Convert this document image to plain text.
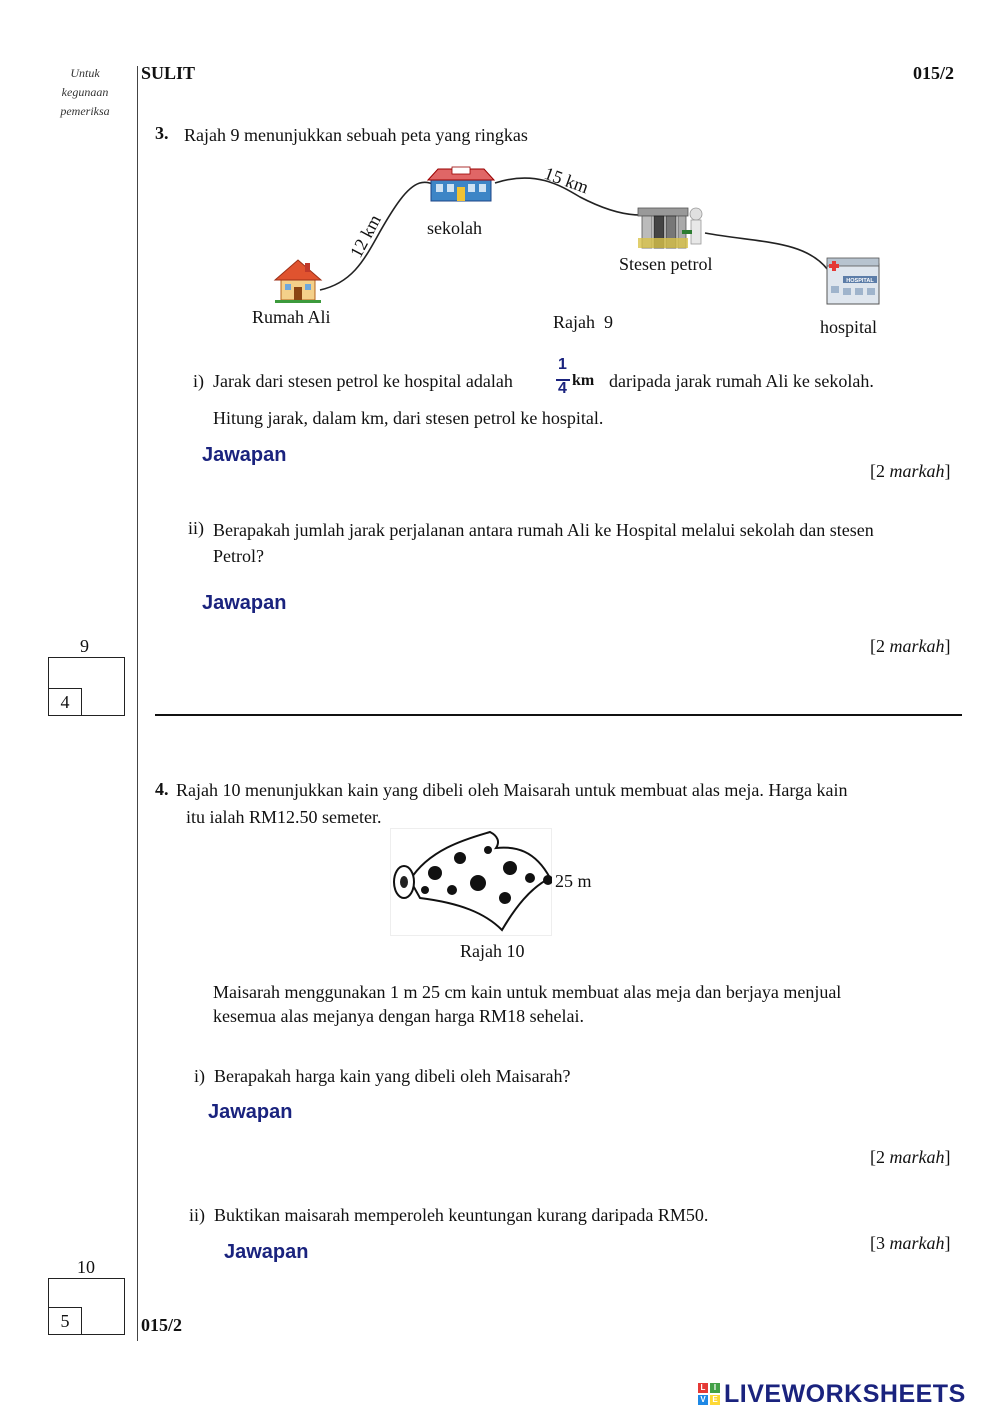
Untuk
kegunaan
pemeriksa
SULIT	015/2
3. Rajah 9 menunjukkan sebuah peta yang ringkas
HOSPITAL
12 km
15 km
Rumah Ali
sekolah
Stesen petrol
hospital
Rajah  9
i) Jarak dari stesen petrol ke hospital adalah
1
4 km daripada jarak rumah Ali ke sekolah.
Hitung jarak, dalam km, dari stesen petrol ke hospital.
Jawapan
[2 markah]
ii) Berapakah jumlah jarak perjalanan antara rumah Ali ke Hospital melalui sekolah dan stesen
Petrol?
Jawapan
[2 markah]
9
4
4. Rajah 10 menunjukkan kain yang dibeli oleh Maisarah untuk membuat alas meja. Harga kain
itu ialah RM12.50 semeter.
25 m
Rajah 10
Maisarah menggunakan 1 m 25 cm kain untuk membuat alas meja dan berjaya menjual
kesemua alas mejanya dengan harga RM18 sehelai.
i) Berapakah harga kain yang dibeli oleh Maisarah?
Jawapan
[2 markah]
ii) Buktikan maisarah memperoleh keuntungan kurang daripada RM50.
[3 markah]
Jawapan
10
5	015/2
L	I
V E LIVEWORKSHEETS
